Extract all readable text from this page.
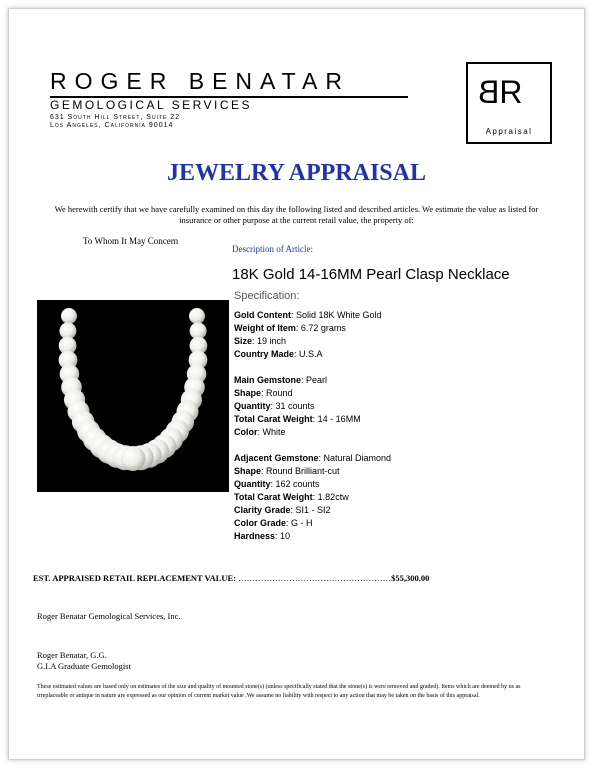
ROGER BENATAR
GEMOLOGICAL SERVICES
631 South Hill Street, Suite 22
Los Angeles, California 90014
BR
Appraisal
JEWELRY APPRAISAL
We herewith certify that we have carefully examined on this day the following listed and described articles. We estimate the value as listed for insurance or other purpose at the current retail value, the property of:
To Whom It May Concern
Description of Article:
18K Gold 14-16MM Pearl Clasp Necklace
Specification:
Gold Content: Solid 18K White Gold
Weight of Item: 6.72 grams
Size: 19 inch
Country Made: U.S.A
Main Gemstone: Pearl
Shape: Round
Quantity: 31 counts
Total Carat Weight: 14 - 16MM
Color: White
Adjacent Gemstone: Natural Diamond
Shape: Round Brilliant-cut
Quantity: 162 counts
Total Carat Weight: 1.82ctw
Clarity Grade: SI1 - SI2
Color Grade: G - H
Hardness: 10
EST. APPRAISED RETAIL REPLACEMENT VALUE: ………………………………………………$55,300.00
Roger Benatar Gemological Services, Inc.
Roger Benatar, G.G.
G.I.A Graduate Gemologist
These estimated values are based only on estimates of the size and quality of mounted stone(s) (unless specifically stated that the stone(s) is were removed and graded). Items which are deemed by us as irreplaceable or antique in nature are expressed as our opinion of current market value .We assume no liability with respect to any action that may be taken on the basis of this appraisal.
